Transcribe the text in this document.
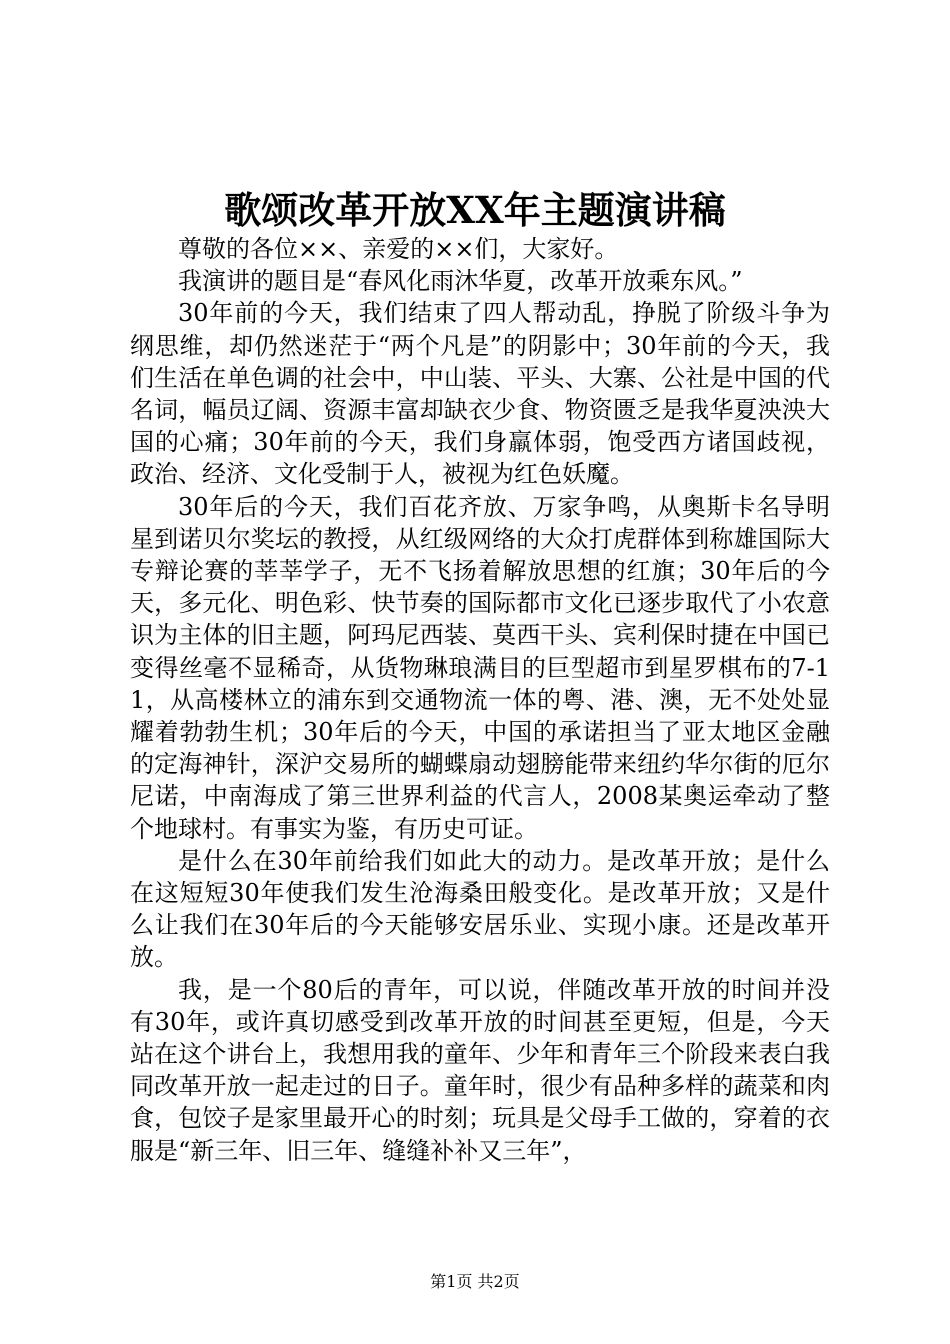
歌颂改革开放XX年主题演讲稿

尊敬的各位××、亲爱的××们，大家好。

我演讲的题目是“春风化雨沐华夏，改革开放乘东风。”

30年前的今天，我们结束了四人帮动乱，挣脱了阶级斗争为纲思维，却仍然迷茫于“两个凡是”的阴影中；30年前的今天，我们生活在单色调的社会中，中山装、平头、大寨、公社是中国的代名词，幅员辽阔、资源丰富却缺衣少食、物资匮乏是我华夏泱泱大国的心痛；30年前的今天，我们身羸体弱，饱受西方诸国歧视，政治、经济、文化受制于人，被视为红色妖魔。

30年后的今天，我们百花齐放、万家争鸣，从奥斯卡名导明星到诺贝尔奖坛的教授，从红级网络的大众打虎群体到称雄国际大专辩论赛的莘莘学子，无不飞扬着解放思想的红旗；30年后的今天，多元化、明色彩、快节奏的国际都市文化已逐步取代了小农意识为主体的旧主题，阿玛尼西装、莫西干头、宾利保时捷在中国已变得丝毫不显稀奇，从货物琳琅满目的巨型超市到星罗棋布的7-11，从高楼林立的浦东到交通物流一体的粤、港、澳，无不处处显耀着勃勃生机；30年后的今天，中国的承诺担当了亚太地区金融的定海神针，深沪交易所的蝴蝶扇动翅膀能带来纽约华尔街的厄尔尼诺，中南海成了第三世界利益的代言人，2008某奥运牵动了整个地球村。有事实为鉴，有历史可证。

是什么在30年前给我们如此大的动力。是改革开放；是什么在这短短30年使我们发生沧海桑田般变化。是改革开放；又是什么让我们在30年后的今天能够安居乐业、实现小康。还是改革开放。

我，是一个80后的青年，可以说，伴随改革开放的时间并没有30年，或许真切感受到改革开放的时间甚至更短，但是，今天站在这个讲台上，我想用我的童年、少年和青年三个阶段来表白我同改革开放一起走过的日子。童年时，很少有品种多样的蔬菜和肉食，包饺子是家里最开心的时刻；玩具是父母手工做的，穿着的衣服是“新三年、旧三年、缝缝补补又三年”，

第1页 共2页
